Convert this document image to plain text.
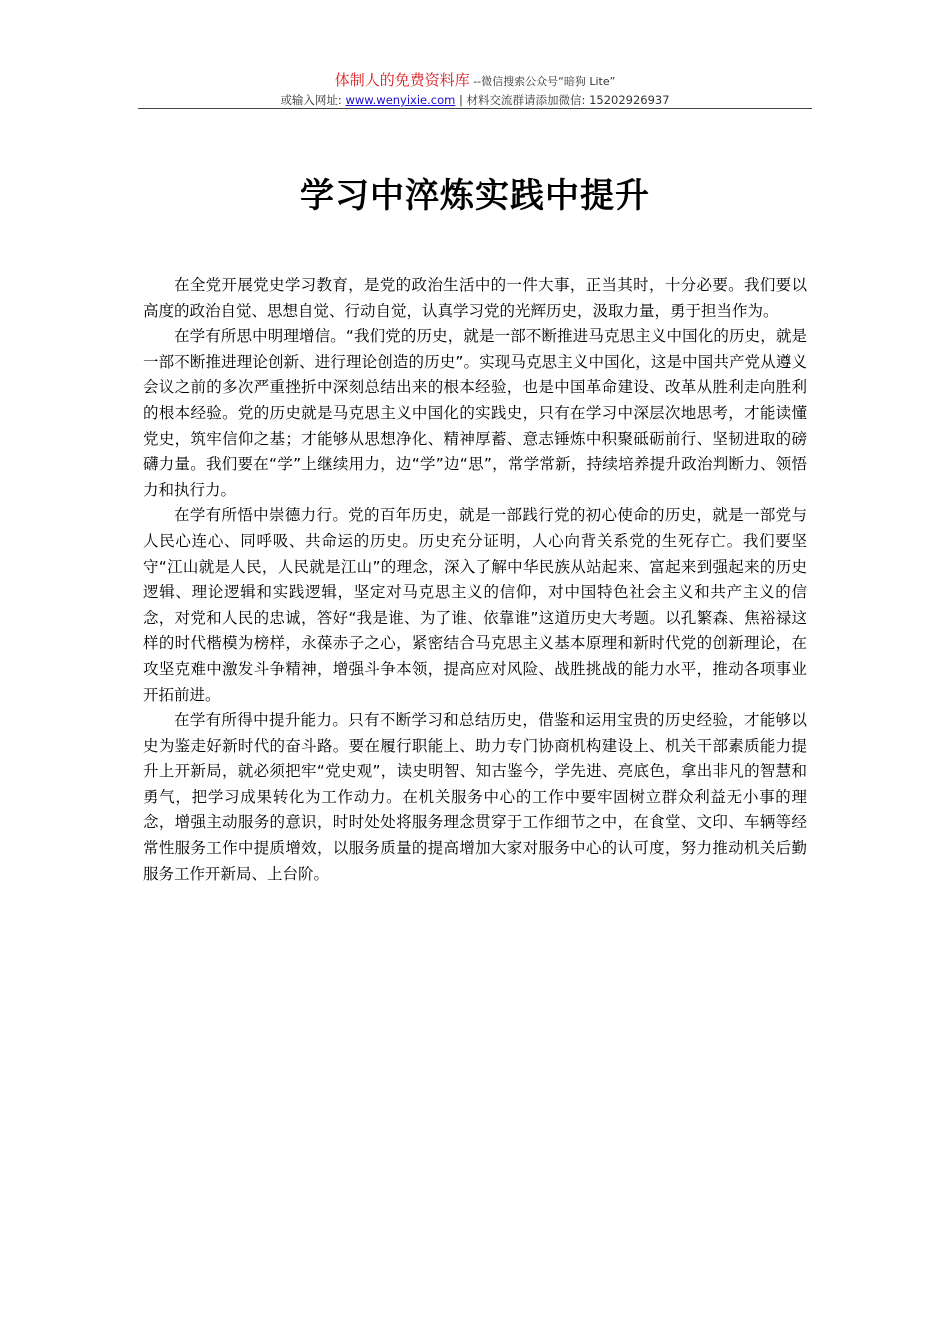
体制人的免费资料库 --微信搜索公众号“暗狗 Lite”
或输入网址: www.wenyixie.com | 材料交流群请添加微信: 15202926937
学习中淬炼实践中提升

在全党开展党史学习教育，是党的政治生活中的一件大事，正当其时，十分必要。我们要以高度的政治自觉、思想自觉、行动自觉，认真学习党的光辉历史，汲取力量，勇于担当作为。

在学有所思中明理增信。“我们党的历史，就是一部不断推进马克思主义中国化的历史，就是一部不断推进理论创新、进行理论创造的历史”。实现马克思主义中国化，这是中国共产党从遵义会议之前的多次严重挫折中深刻总结出来的根本经验，也是中国革命建设、改革从胜利走向胜利的根本经验。党的历史就是马克思主义中国化的实践史，只有在学习中深层次地思考，才能读懂党史，筑牢信仰之基；才能够从思想净化、精神厚蓄、意志锤炼中积聚砥砺前行、坚韧进取的磅礴力量。我们要在“学”上继续用力，边“学”边“思”，常学常新，持续培养提升政治判断力、领悟力和执行力。

在学有所悟中崇德力行。党的百年历史，就是一部践行党的初心使命的历史，就是一部党与人民心连心、同呼吸、共命运的历史。历史充分证明，人心向背关系党的生死存亡。我们要坚守“江山就是人民，人民就是江山”的理念，深入了解中华民族从站起来、富起来到强起来的历史逻辑、理论逻辑和实践逻辑，坚定对马克思主义的信仰，对中国特色社会主义和共产主义的信念，对党和人民的忠诚，答好“我是谁、为了谁、依靠谁”这道历史大考题。以孔繁森、焦裕禄这样的时代楷模为榜样，永葆赤子之心，紧密结合马克思主义基本原理和新时代党的创新理论，在攻坚克难中激发斗争精神，增强斗争本领，提高应对风险、战胜挑战的能力水平，推动各项事业开拓前进。

在学有所得中提升能力。只有不断学习和总结历史，借鉴和运用宝贵的历史经验，才能够以史为鉴走好新时代的奋斗路。要在履行职能上、助力专门协商机构建设上、机关干部素质能力提升上开新局，就必须把牢“党史观”，读史明智、知古鉴今，学先进、亮底色，拿出非凡的智慧和勇气，把学习成果转化为工作动力。在机关服务中心的工作中要牢固树立群众利益无小事的理念，增强主动服务的意识，时时处处将服务理念贯穿于工作细节之中，在食堂、文印、车辆等经常性服务工作中提质增效，以服务质量的提高增加大家对服务中心的认可度，努力推动机关后勤服务工作开新局、上台阶。
